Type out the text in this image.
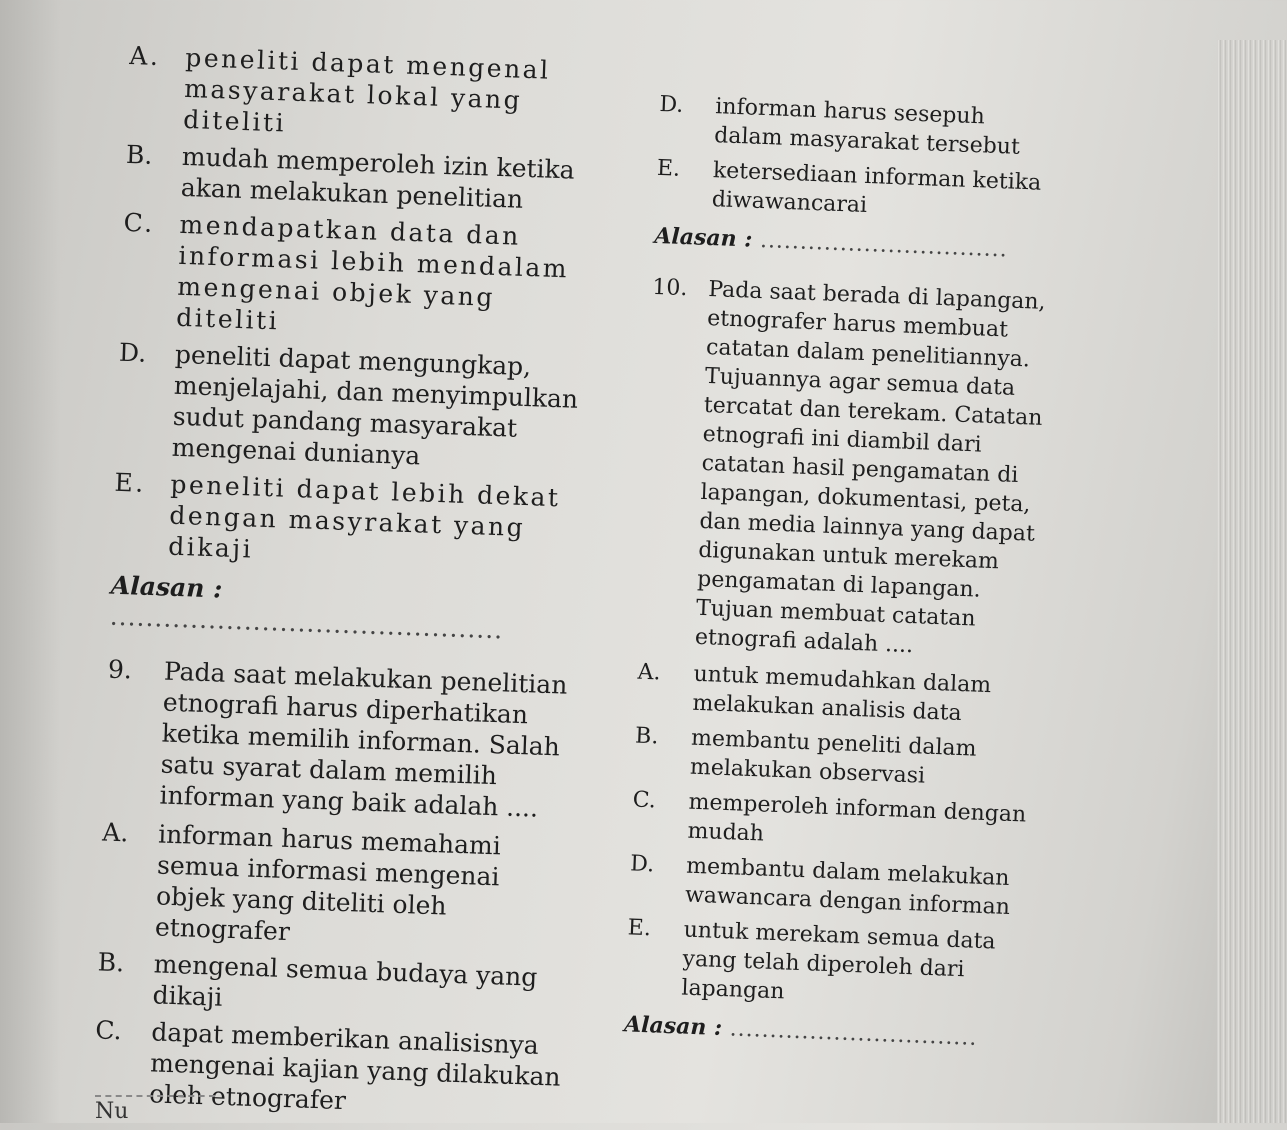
A. peneliti dapat mengenal masyarakat lokal yang diteliti
B.	mudah memperoleh izin ketika akan melakukan penelitian
C. mendapatkan data dan informasi lebih mendalam mengenai objek yang diteliti
D.	peneliti dapat mengungkap, menjelajahi, dan menyimpulkan sudut pandang masyarakat mengenai dunianya
E. peneliti dapat lebih dekat dengan masyrakat yang dikaji
Alasan : ............................................
9.	Pada saat melakukan penelitian etnografi harus diperhatikan ketika memilih informan. Salah satu syarat dalam memilih informan yang baik adalah ....
A.	informan harus memahami semua informasi mengenai objek yang diteliti oleh etnografer
B.	mengenal semua budaya yang dikaji
C.	dapat memberikan analisisnya mengenai kajian yang dilakukan oleh etnografer
D.	informan harus sesepuh dalam masyarakat tersebut
E.	ketersediaan informan ketika diwawancarai
Alasan : ...............................
10. Pada saat berada di lapangan, etnografer harus membuat catatan dalam penelitiannya. Tujuannya agar semua data tercatat dan terekam. Catatan etnografi ini diambil dari catatan hasil pengamatan di lapangan, dokumentasi, peta, dan media lainnya yang dapat digunakan untuk merekam pengamatan di lapangan. Tujuan membuat catatan etnografi adalah ....
A.	untuk memudahkan dalam melakukan analisis data
B.	membantu peneliti dalam melakukan observasi
C.	memperoleh informan dengan mudah
D.	membantu dalam melakukan wawancara dengan informan
E.	untuk merekam semua data yang telah diperoleh dari lapangan
Alasan : ...............................
Nu
